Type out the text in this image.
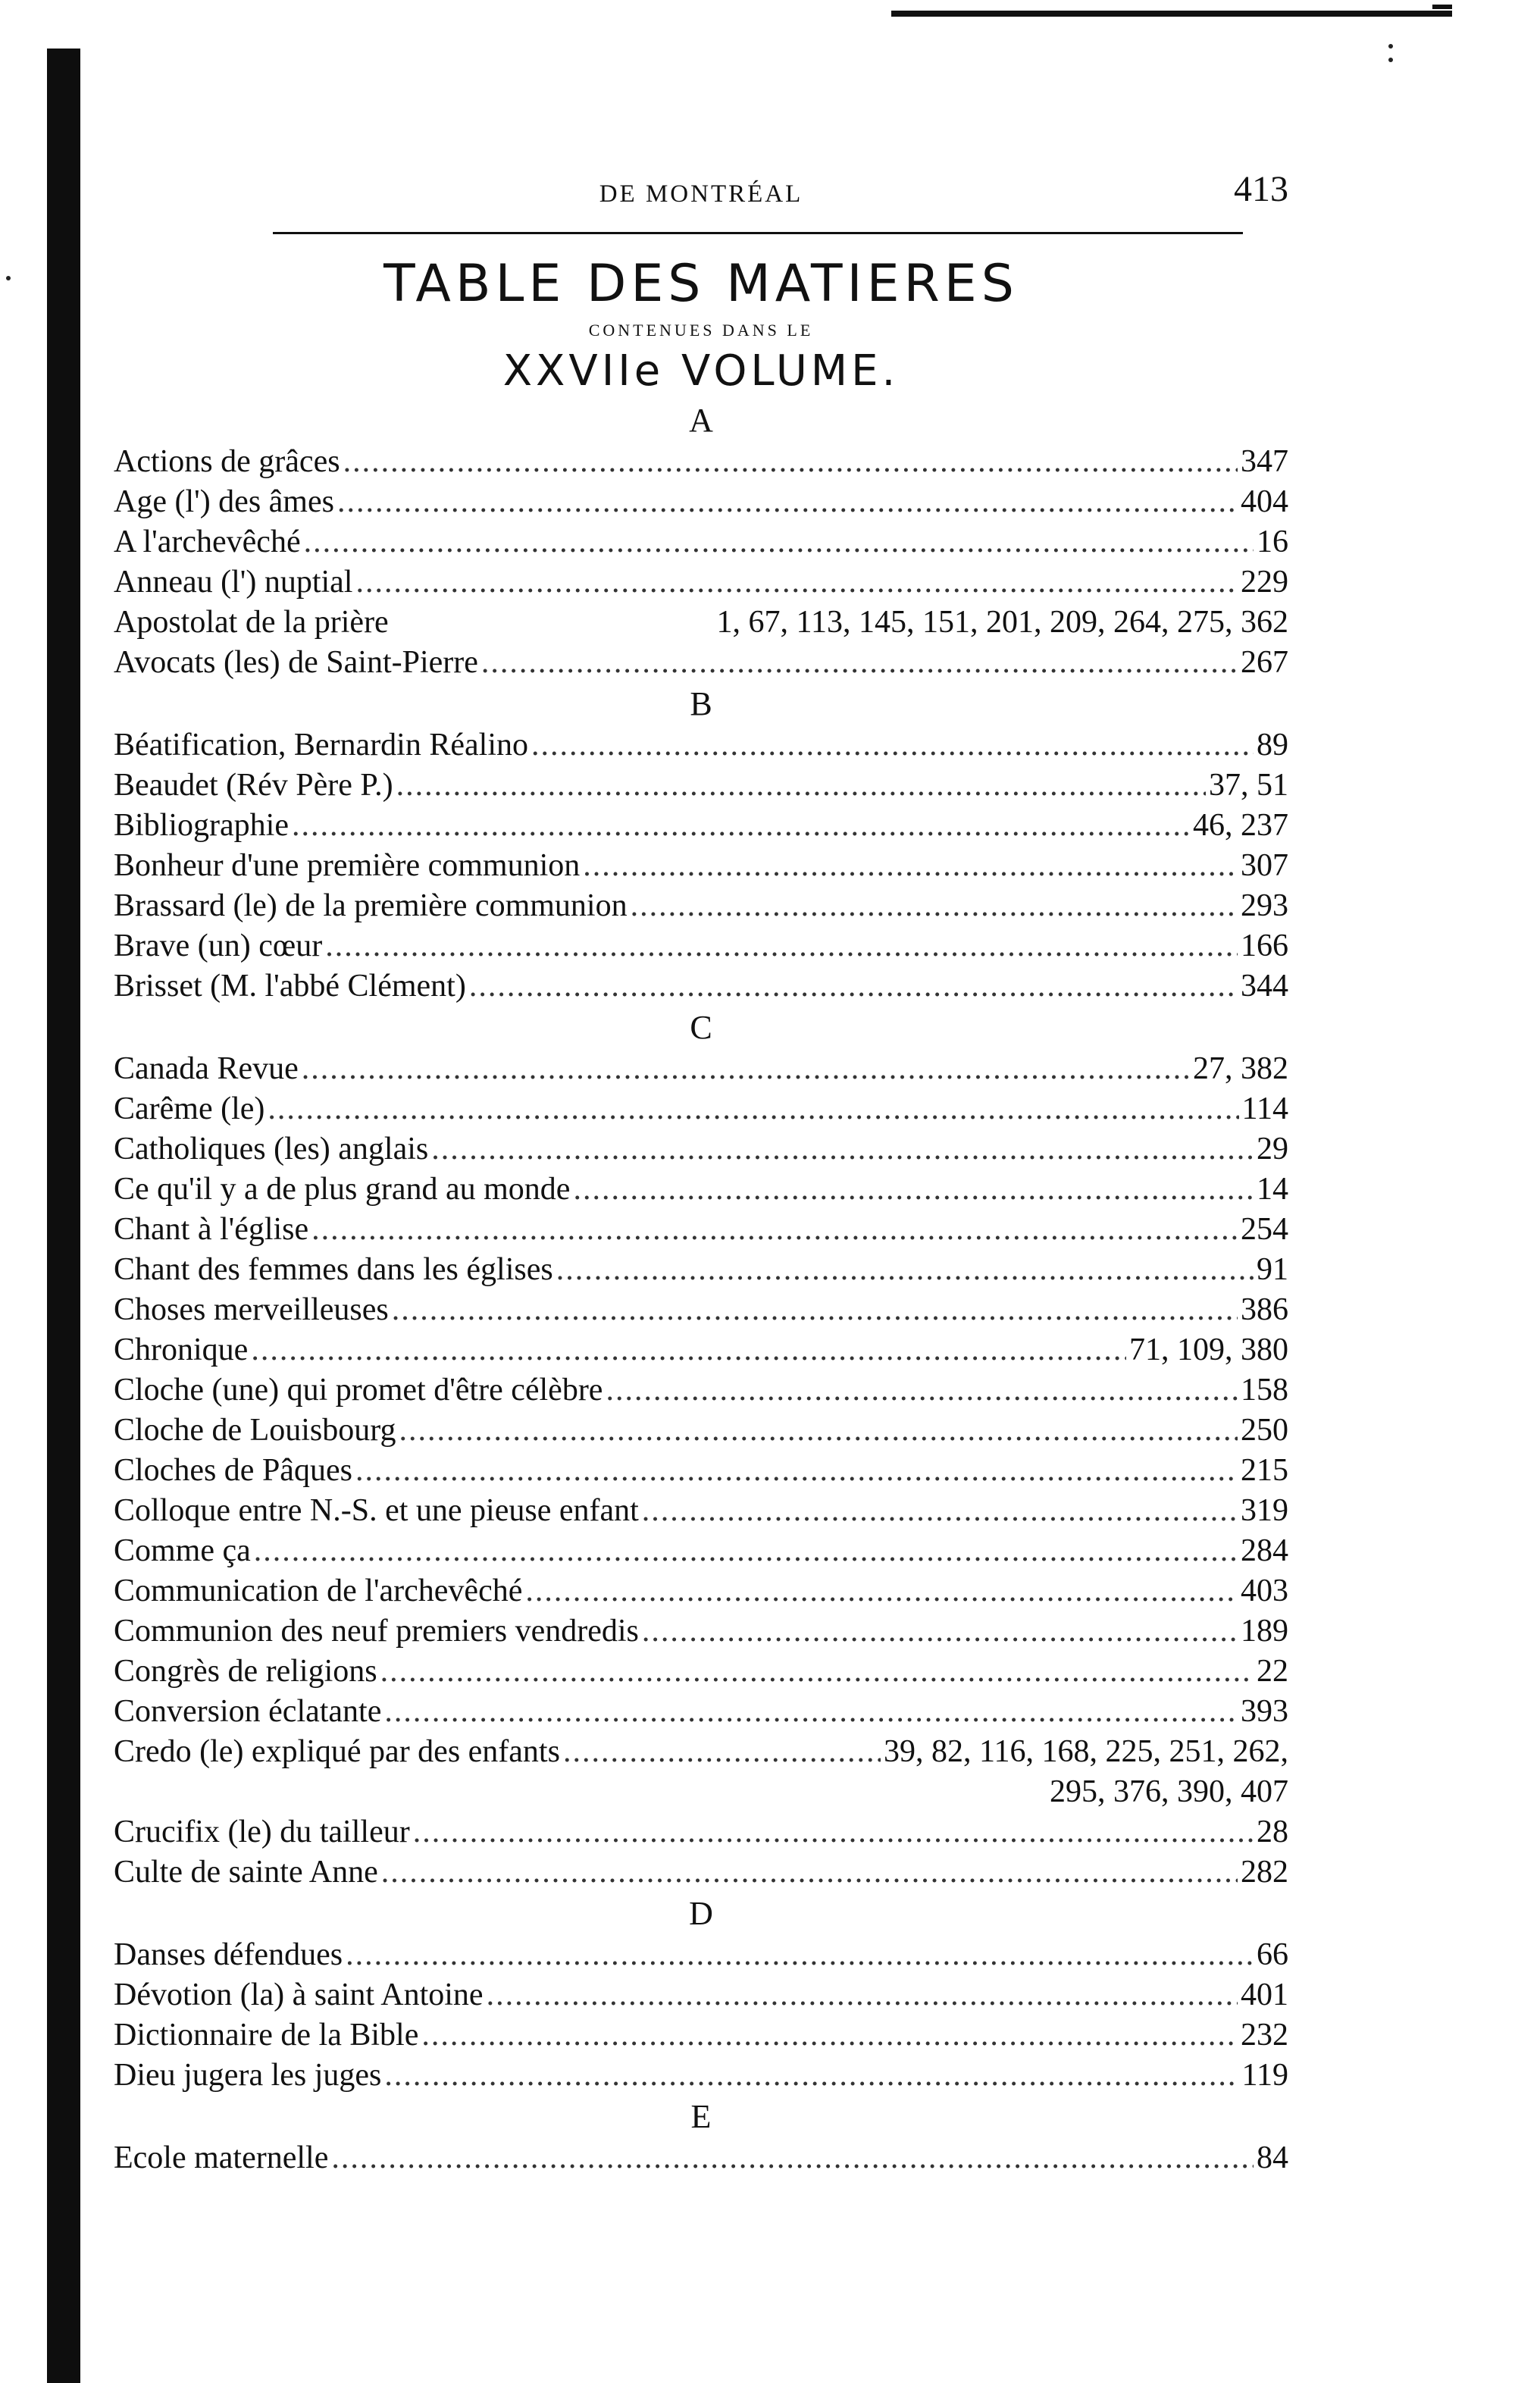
DE MONTRÉAL	413
TABLE DES MATIERES
CONTENUES DANS LE
XXVIIe VOLUME.
A
Actions de grâces .....	347
Age (l') des âmes .....	404
A l'archevêché .....	16
Anneau (l') nuptial .....	229
Apostolat de la prière	1, 67, 113, 145, 151, 201, 209, 264, 275, 362
Avocats (les) de Saint-Pierre .....	267
B
Béatification, Bernardin Réalino .....	89
Beaudet (Rév Père P.) .....	37, 51
Bibliographie .....	46, 237
Bonheur d'une première communion .....	307
Brassard (le) de la première communion .....	293
Brave (un) cœur .....	166
Brisset (M. l'abbé Clément) .....	344
C
Canada Revue .....	27, 382
Carême (le) .....	114
Catholiques (les) anglais .....	29
Ce qu'il y a de plus grand au monde .....	14
Chant à l'église .....	254
Chant des femmes dans les églises .....	91
Choses merveilleuses .....	386
Chronique .....	71, 109, 380
Cloche (une) qui promet d'être célèbre .....	158
Cloche de Louisbourg .....	250
Cloches de Pâques .....	215
Colloque entre N.-S. et une pieuse enfant .....	319
Comme ça .....	284
Communication de l'archevêché .....	403
Communion des neuf premiers vendredis .....	189
Congrès de religions .....	22
Conversion éclatante .....	393
Credo (le) expliqué par des enfants .....	39, 82, 116, 168, 225, 251, 262,
295, 376, 390, 407
Crucifix (le) du tailleur .....	28
Culte de sainte Anne .....	282
D
Danses défendues .....	66
Dévotion (la) à saint Antoine .....	401
Dictionnaire de la Bible .....	232
Dieu jugera les juges .....	119
E
Ecole maternelle .....	84
